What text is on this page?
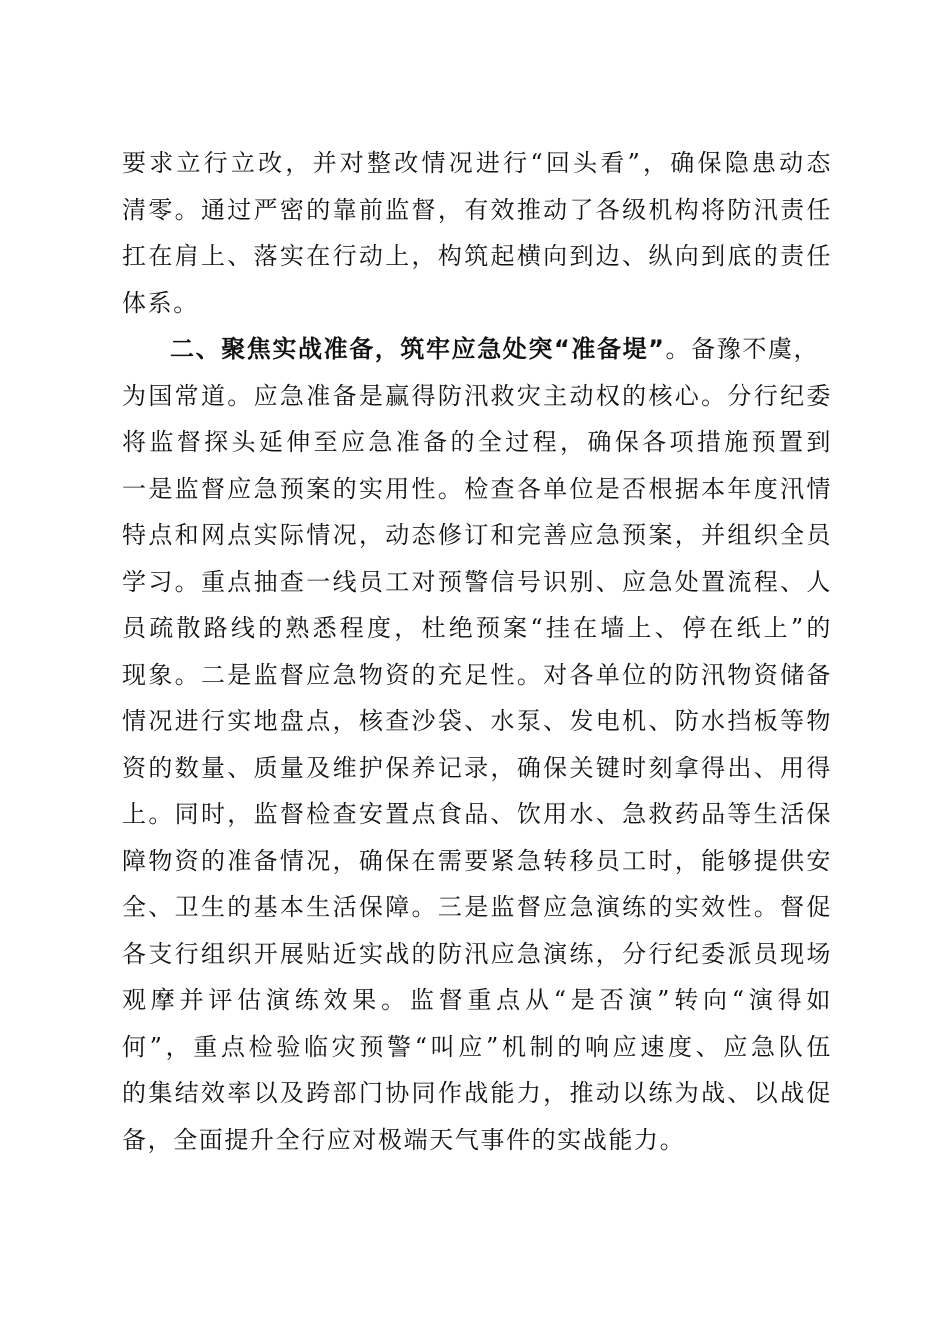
要求立行立改，并对整改情况进行“回头看”，确保隐患动态
清零。通过严密的靠前监督，有效推动了各级机构将防汛责任
扛在肩上、落实在行动上，构筑起横向到边、纵向到底的责任
体系。
二、聚焦实战准备，筑牢应急处突“准备堤”。备豫不虞，
为国常道。应急准备是赢得防汛救灾主动权的核心。分行纪委
将监督探头延伸至应急准备的全过程，确保各项措施预置到
一是监督应急预案的实用性。检查各单位是否根据本年度汛情
特点和网点实际情况，动态修订和完善应急预案，并组织全员
学习。重点抽查一线员工对预警信号识别、应急处置流程、人
员疏散路线的熟悉程度，杜绝预案“挂在墙上、停在纸上”的
现象。二是监督应急物资的充足性。对各单位的防汛物资储备
情况进行实地盘点，核查沙袋、水泵、发电机、防水挡板等物
资的数量、质量及维护保养记录，确保关键时刻拿得出、用得
上。同时，监督检查安置点食品、饮用水、急救药品等生活保
障物资的准备情况，确保在需要紧急转移员工时，能够提供安
全、卫生的基本生活保障。三是监督应急演练的实效性。督促
各支行组织开展贴近实战的防汛应急演练，分行纪委派员现场
观摩并评估演练效果。监督重点从“是否演”转向“演得如
何”，重点检验临灾预警“叫应”机制的响应速度、应急队伍
的集结效率以及跨部门协同作战能力，推动以练为战、以战促
备，全面提升全行应对极端天气事件的实战能力。
